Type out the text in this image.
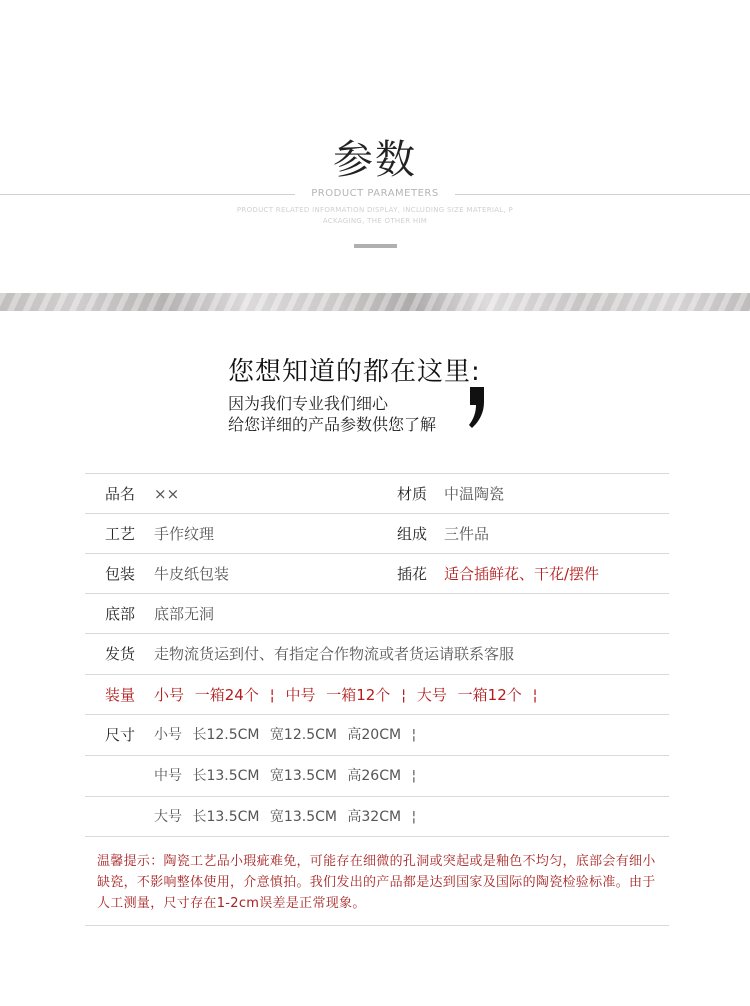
参数
PRODUCT PARAMETERS
PRODUCT RELATED INFORMATION DISPLAY, INCLUDING SIZE MATERIAL, P ACKAGING, THE OTHER HIM
您想知道的都在这里:
因为我们专业我们细心
给您详细的产品参数供您了解
品名 ××	材质 中温陶瓷
工艺 手作纹理	组成 三件品
包装 牛皮纸包装	插花 适合插鲜花、干花/摆件
底部 底部无洞
发货 走物流货运到付、有指定合作物流或者货运请联系客服
装量 小号 一箱24个 ¦ 中号 一箱12个 ¦ 大号 一箱12个 ¦
尺寸 小号 长12.5CM 宽12.5CM 高20CM ¦
中号 长13.5CM 宽13.5CM 高26CM ¦
大号 长13.5CM 宽13.5CM 高32CM ¦
温馨提示：陶瓷工艺品小瑕疵难免，可能存在细微的孔洞或突起或是釉色不均匀，底部会有细小缺瓷，不影响整体使用，介意慎拍。我们发出的产品都是达到国家及国际的陶瓷检验标准。由于人工测量，尺寸存在1-2cm误差是正常现象。
